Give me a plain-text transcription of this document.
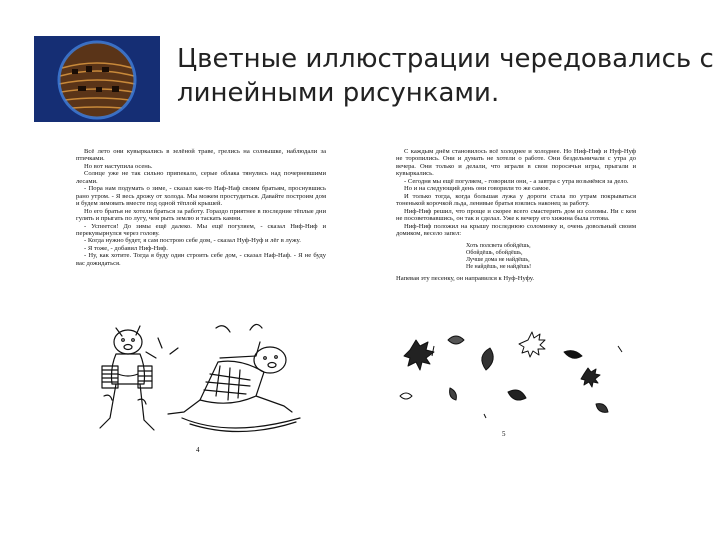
Цветные иллюстрации чередовались с
линейными рисунками.

Всё лето они кувыркались в зелёной траве, грелись на солнышке, наблюдали за птичками.

Но вот наступила осень.

Солнце уже не так сильно припекало, серые облака тянулись над почерневшими лесами.

- Пора нам подумать о зиме, - сказал как-то Наф-Наф своим братьям, проснувшись рано утром. - Я весь дрожу от холода. Мы можем простудиться. Давайте построим дом и будем зимовать вместе под одной тёплой крышей.

Но его братья не хотели браться за работу. Гораздо приятнее в последние тёплые дни гулять и прыгать по лугу, чем рыть землю и таскать камни.

- Успеется! До зимы ещё далеко. Мы ещё погуляем, - сказал Ниф-Ниф и перекувырнулся через голову.

- Когда нужно будет, я сам построю себе дом, - сказал Нуф-Нуф и лёг в лужу.

- Я тоже, - добавил Ниф-Ниф.

- Ну, как хотите. Тогда я буду один строить себе дом, - сказал Наф-Наф. - Я не буду вас дожидаться.

4

С каждым днём становилось всё холоднее и холоднее. Но Ниф-Ниф и Нуф-Нуф не торопились. Они и думать не хотели о работе. Они бездельничали с утра до вечера. Они только и делали, что играли в свои поросячьи игры, прыгали и кувыркались.

- Сегодня мы ещё погуляем, - говорили они, - а завтра с утра возьмёмся за дело.

Но и на следующий день они говорили то же самое.

И только тогда, когда большая лужа у дороги стала по утрам покрываться тоненькой корочкой льда, ленивые братья взялись наконец за работу.

Ниф-Ниф решил, что проще и скорее всего смастерить дом из соломы. Ни с кем не посоветовавшись, он так и сделал. Уже к вечеру его хижина была готова.

Ниф-Ниф положил на крышу последнюю соломинку и, очень довольный своим домиком, весело запел:

Хоть полсвета обойдёшь,
Обойдёшь, обойдёшь,
Лучше дома не найдёшь,
Не найдёшь, не найдёшь!

Напевая эту песенку, он направился к Нуф-Нуфу.

5
